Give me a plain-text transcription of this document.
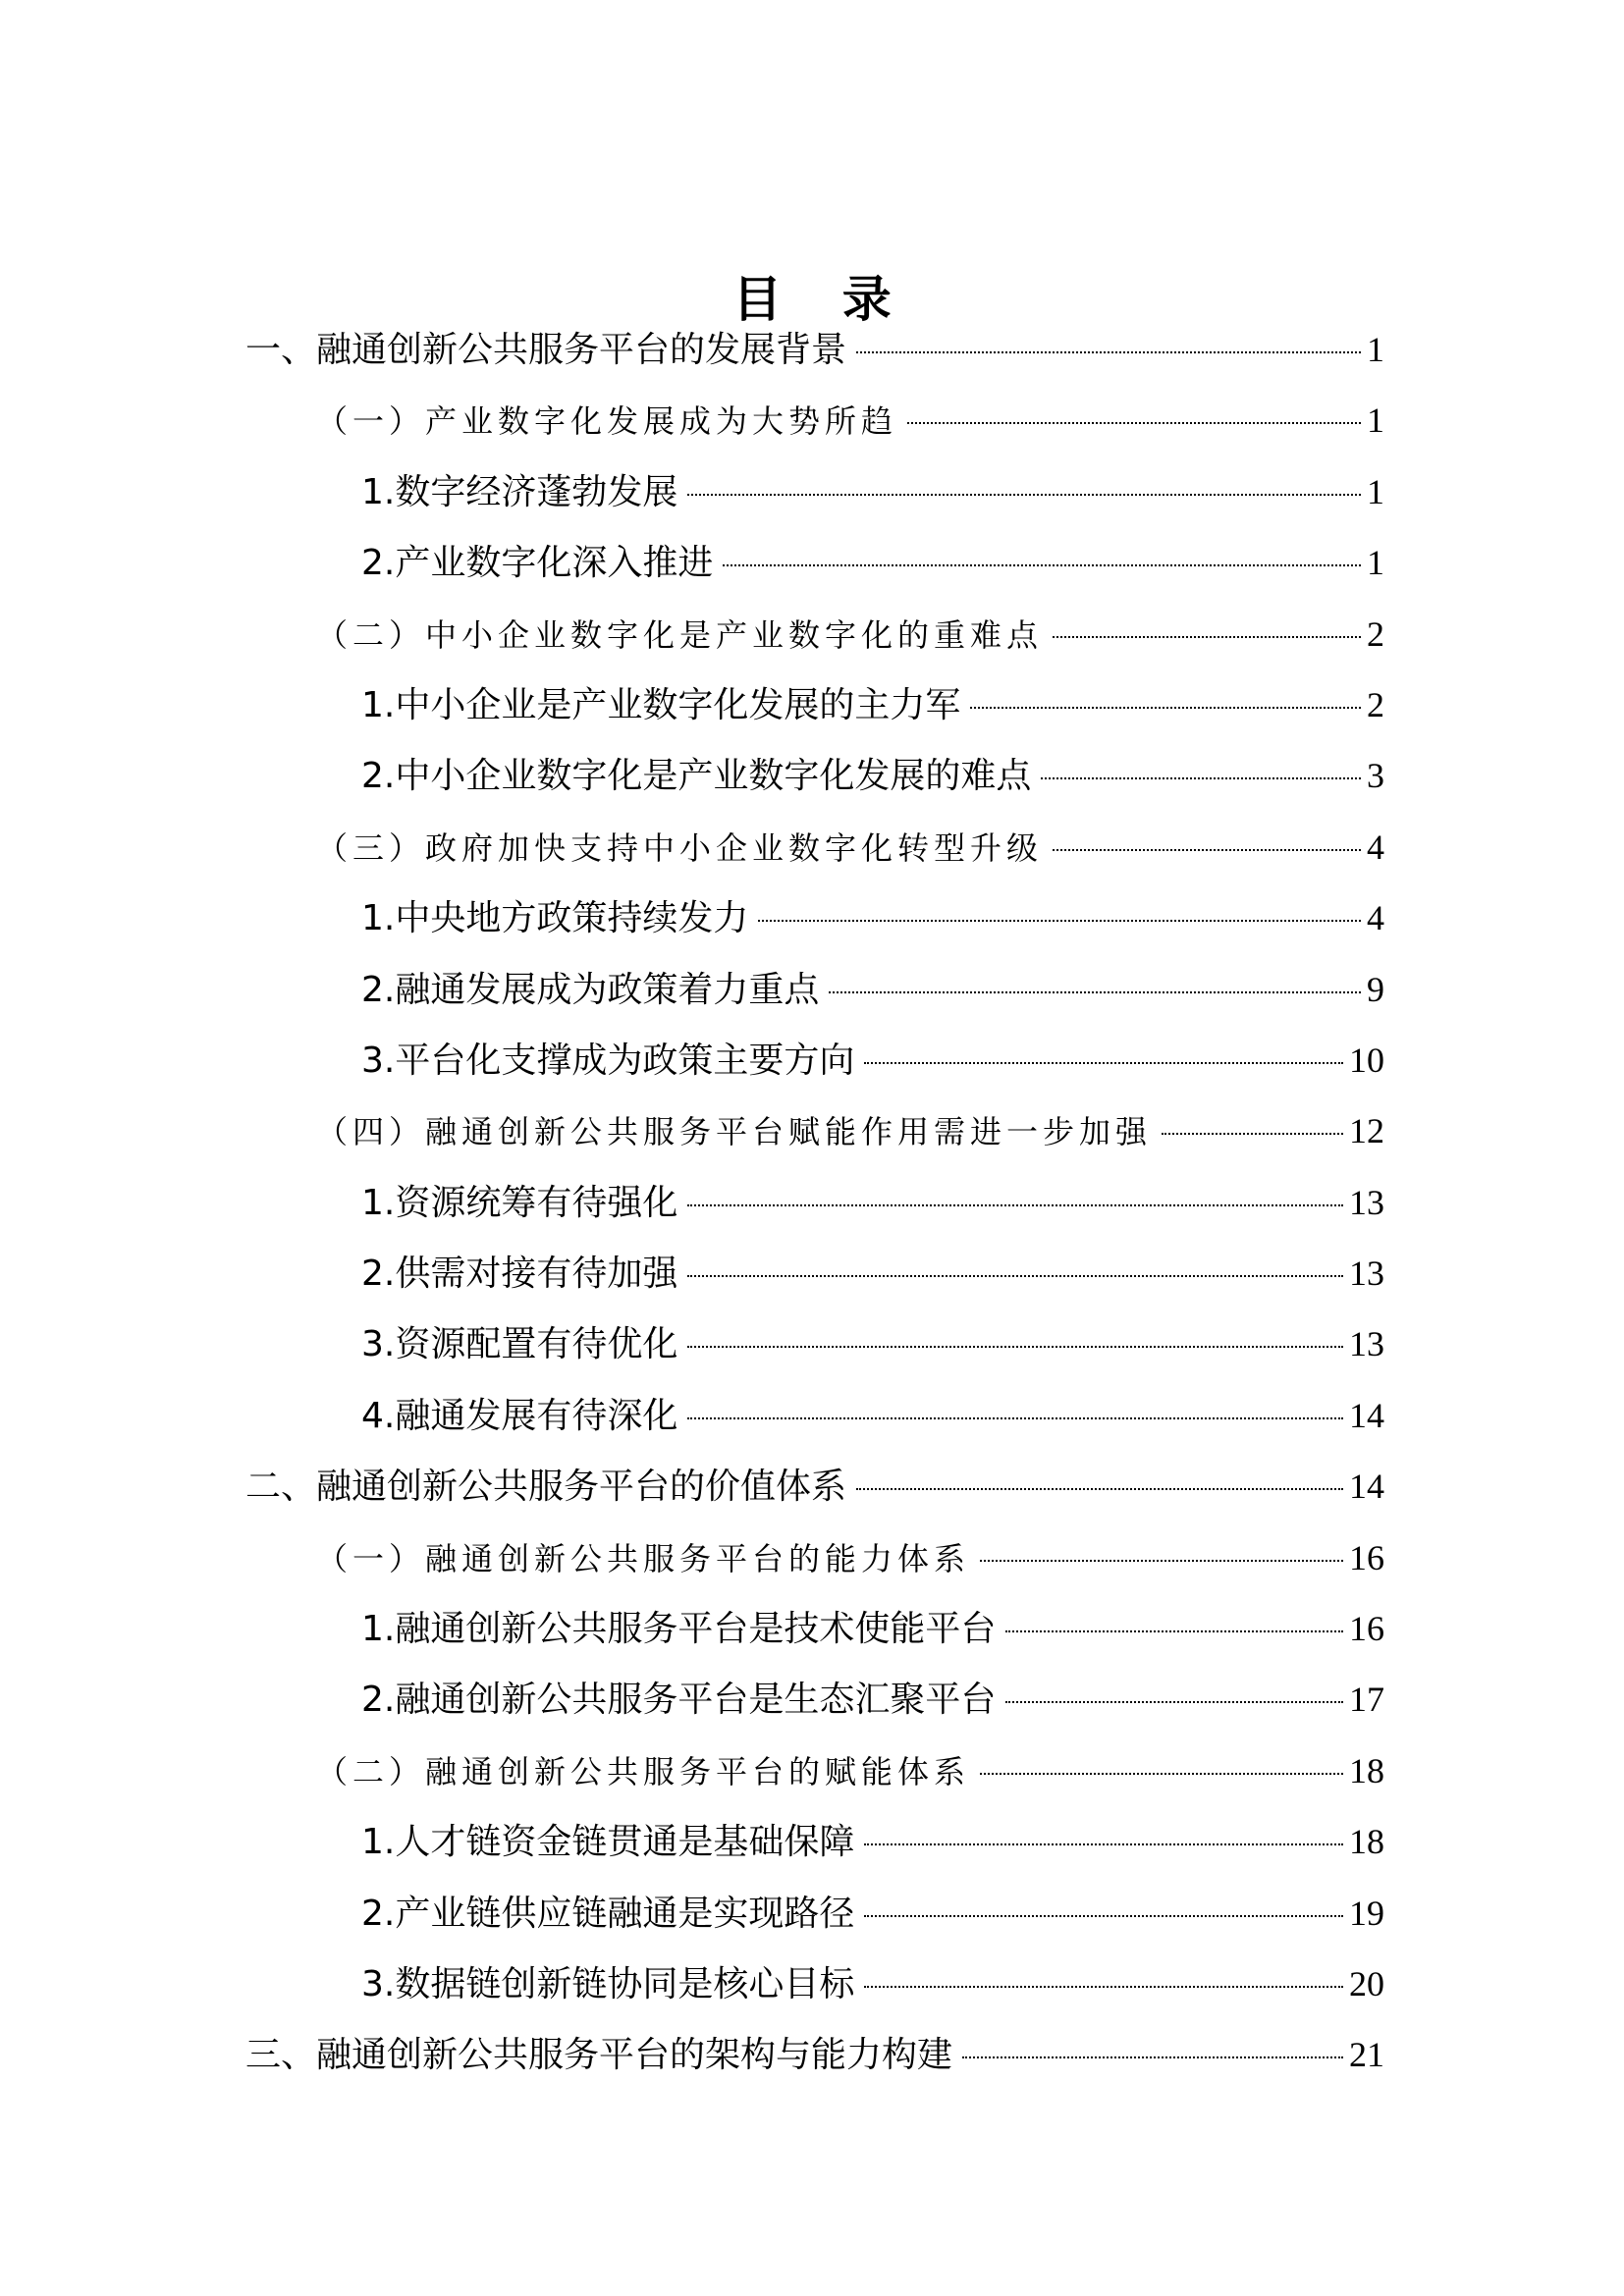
目 录
一、融通创新公共服务平台的发展背景	1
（一）产业数字化发展成为大势所趋	1
1.数字经济蓬勃发展	1
2.产业数字化深入推进	1
（二）中小企业数字化是产业数字化的重难点	2
1.中小企业是产业数字化发展的主力军	2
2.中小企业数字化是产业数字化发展的难点	3
（三）政府加快支持中小企业数字化转型升级	4
1.中央地方政策持续发力	4
2.融通发展成为政策着力重点	9
3.平台化支撑成为政策主要方向	10
（四）融通创新公共服务平台赋能作用需进一步加强	12
1.资源统筹有待强化	13
2.供需对接有待加强	13
3.资源配置有待优化	13
4.融通发展有待深化	14
二、融通创新公共服务平台的价值体系	14
（一）融通创新公共服务平台的能力体系	16
1.融通创新公共服务平台是技术使能平台	16
2.融通创新公共服务平台是生态汇聚平台	17
（二）融通创新公共服务平台的赋能体系	18
1.人才链资金链贯通是基础保障	18
2.产业链供应链融通是实现路径	19
3.数据链创新链协同是核心目标	20
三、融通创新公共服务平台的架构与能力构建	21
